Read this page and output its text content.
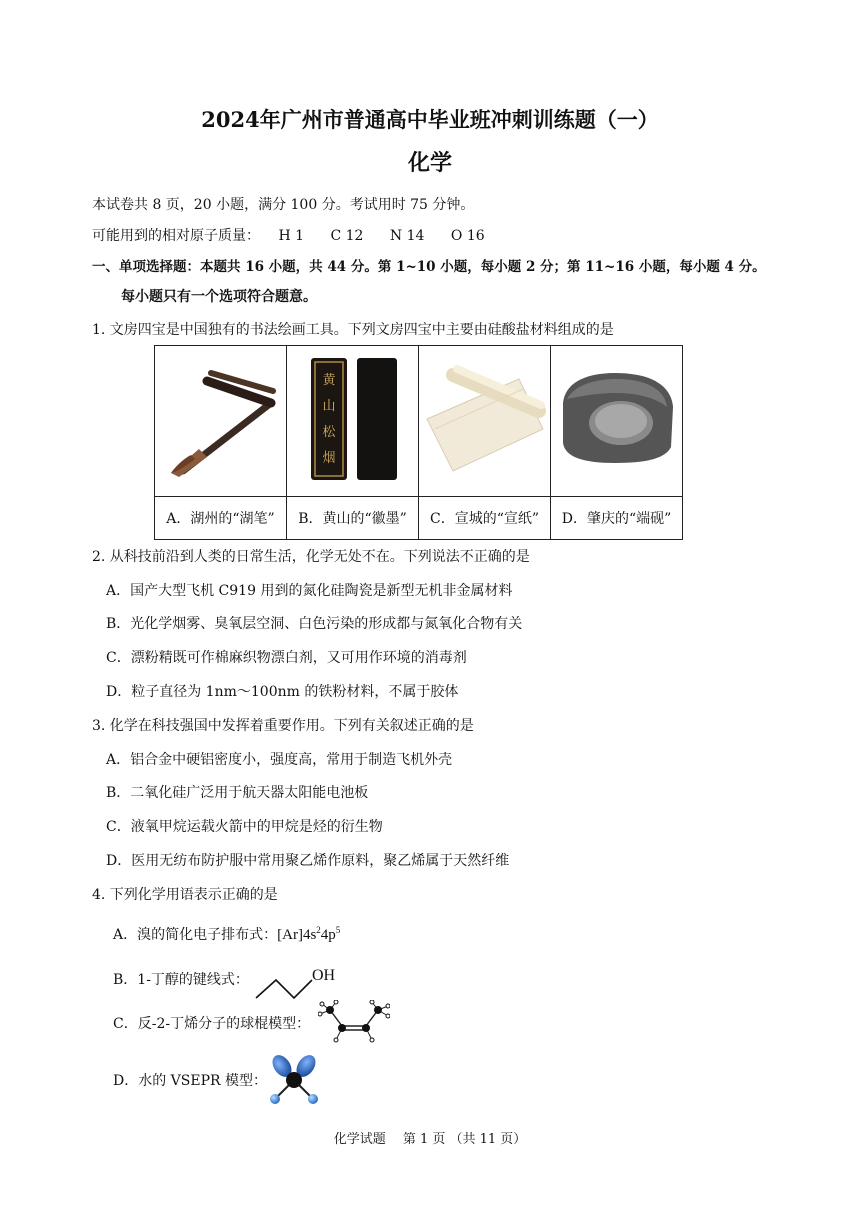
2024年广州市普通高中毕业班冲刺训练题（一）
化学
本试卷共 8 页，20 小题，满分 100 分。考试用时 75 分钟。
可能用到的相对原子质量： H 1 C 12 N 14 O 16
一、单项选择题：本题共 16 小题，共 44 分。第 1~10 小题，每小题 2 分；第 11~16 小题，每小题 4 分。
每小题只有一个选项符合题意。
1. 文房四宝是中国独有的书法绘画工具。下列文房四宝中主要由硅酸盐材料组成的是

黄
山
松
烟

A．湖州的“湖笔”	B．黄山的“徽墨”	C．宣城的“宣纸”	D．肇庆的“端砚”
2. 从科技前沿到人类的日常生活，化学无处不在。下列说法不正确的是
A．国产大型飞机 C919 用到的氮化硅陶瓷是新型无机非金属材料
B．光化学烟雾、臭氧层空洞、白色污染的形成都与氮氧化合物有关
C．漂粉精既可作棉麻织物漂白剂，又可用作环境的消毒剂
D．粒子直径为 1nm～100nm 的铁粉材料，不属于胶体
3. 化学在科技强国中发挥着重要作用。下列有关叙述正确的是
A．铝合金中硬铝密度小，强度高，常用于制造飞机外壳
B．二氧化硅广泛用于航天器太阳能电池板
C．液氧甲烷运载火箭中的甲烷是烃的衍生物
D．医用无纺布防护服中常用聚乙烯作原料，聚乙烯属于天然纤维
4. 下列化学用语表示正确的是
A．溴的简化电子排布式：$[Ar]4s^24p^5$
B．1-丁醇的键线式：	OH
C．反-2-丁烯分子的球棍模型：
D．水的 VSEPR 模型：
化学试题　 第 1 页 （共 11 页）
